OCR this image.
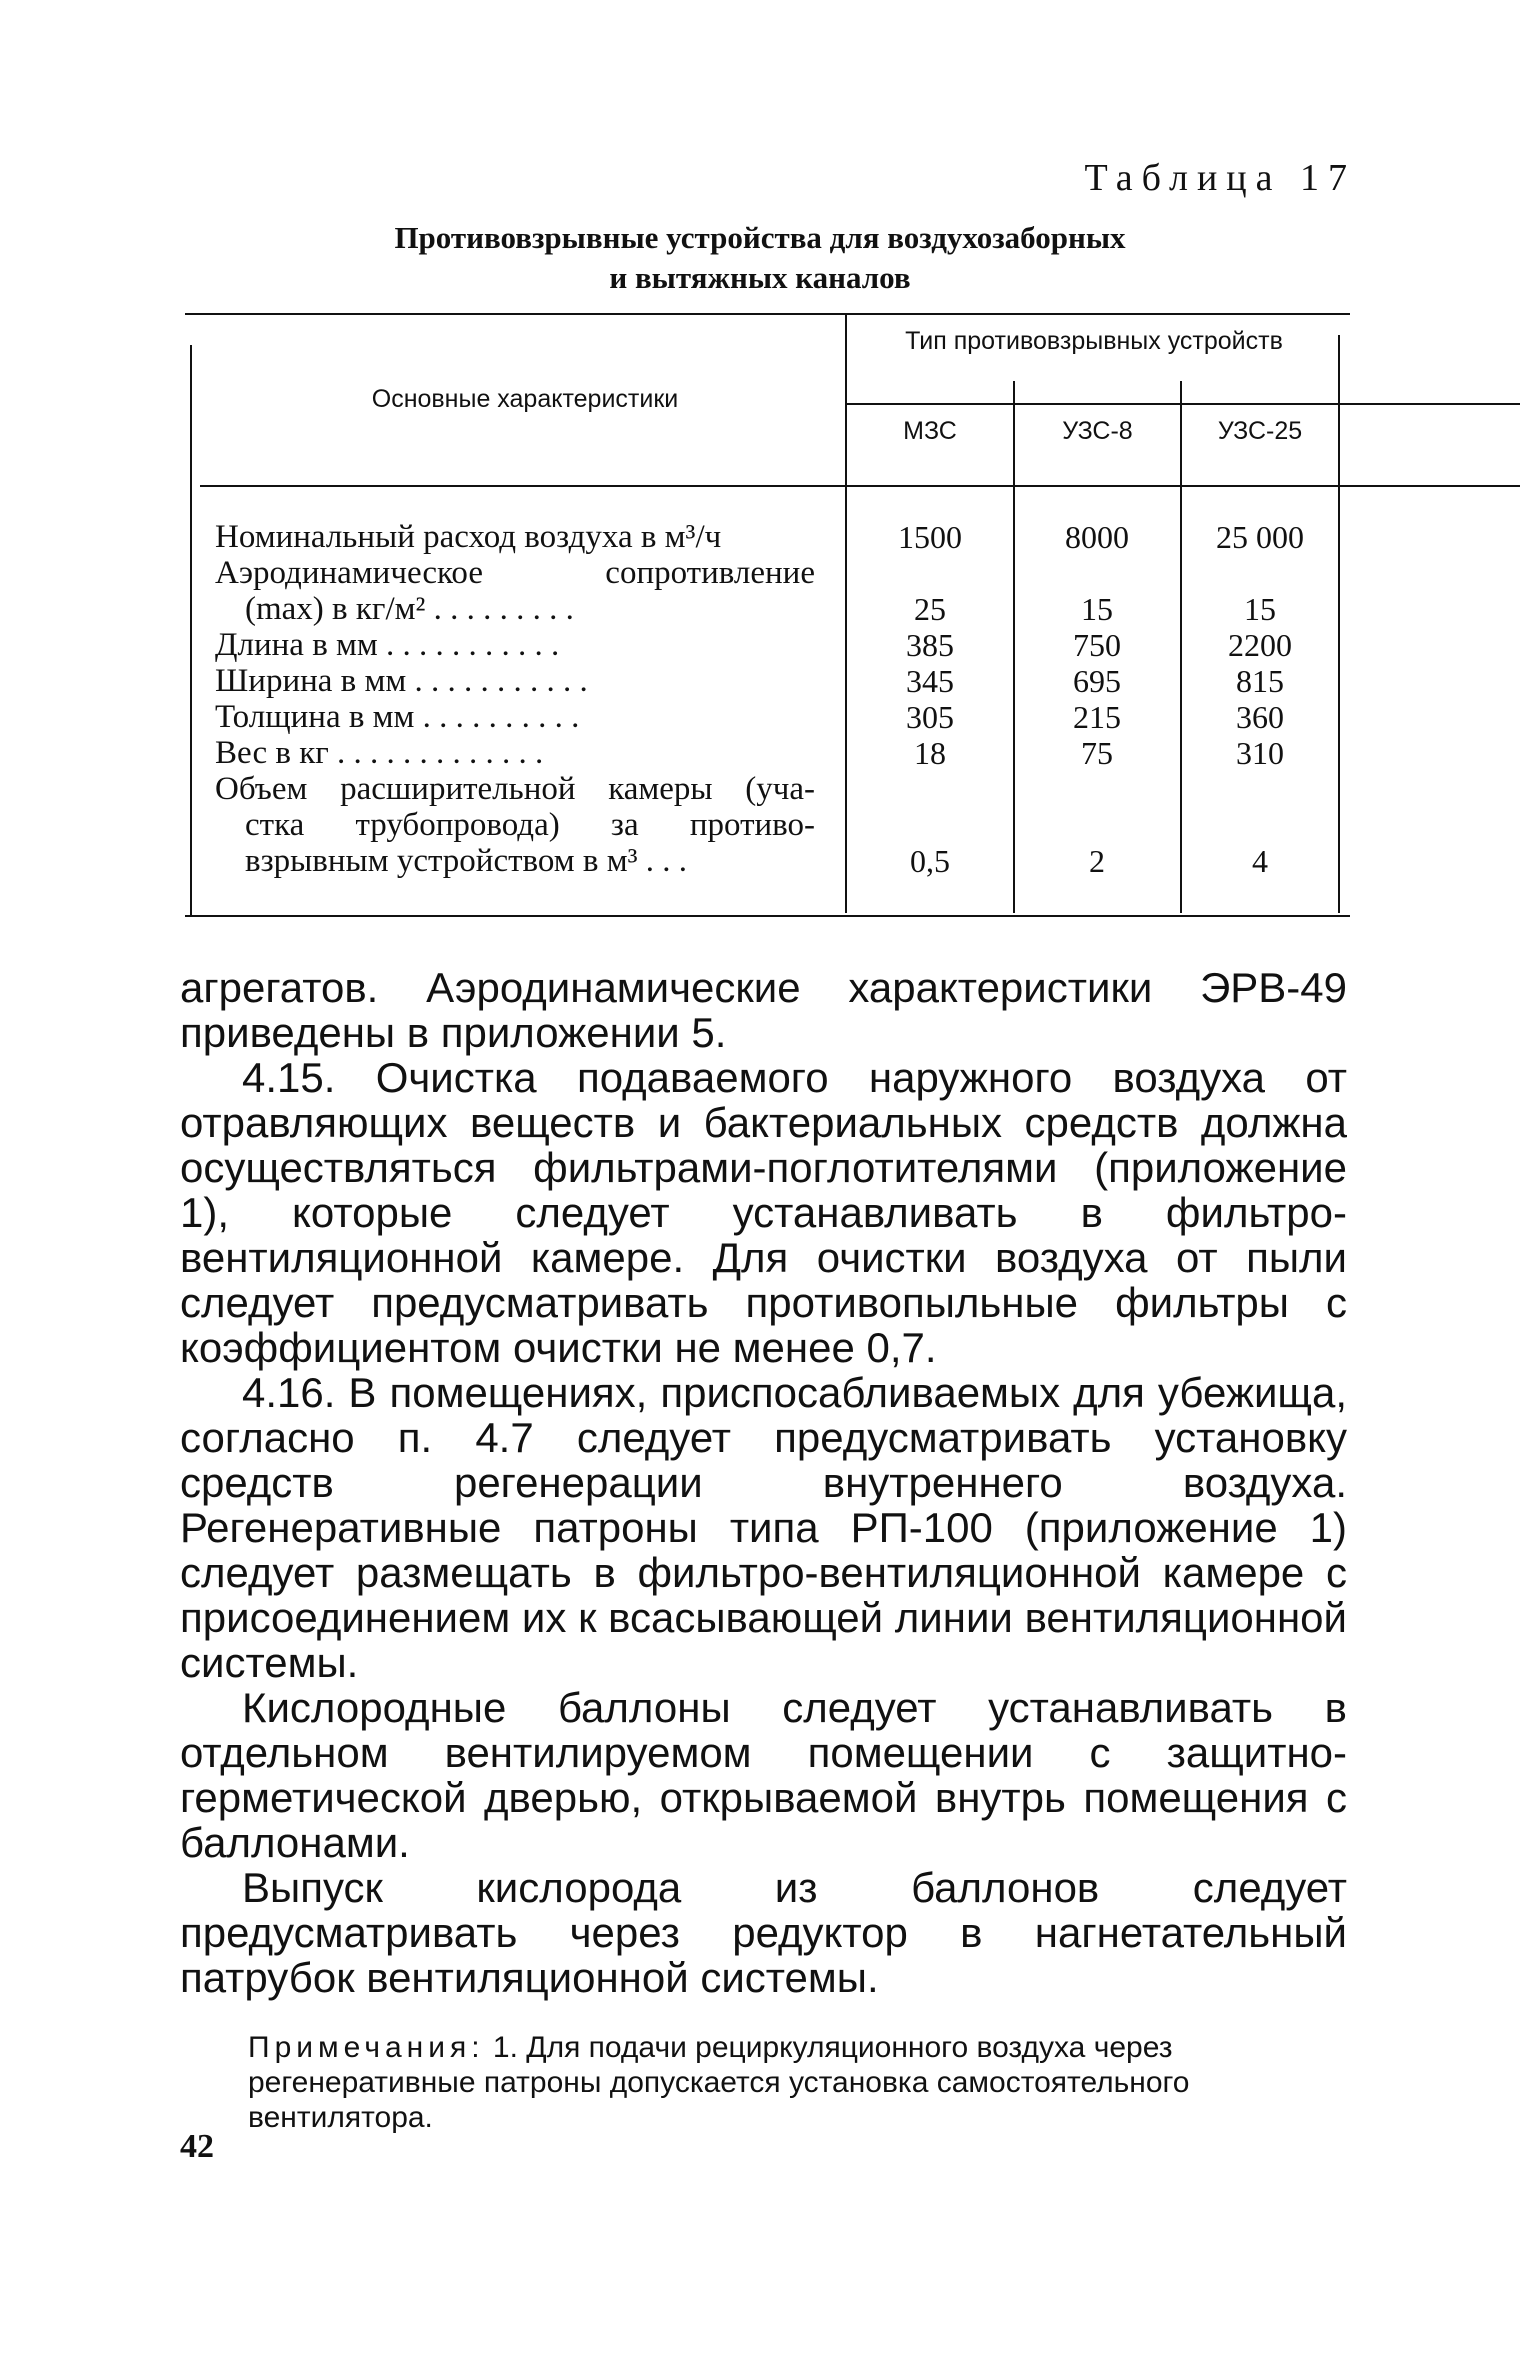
Таблица 17
Противовзрывные устройства для воздухозаборных
и вытяжных каналов
Основные характеристики
Тип противовзрывных устройств
МЗС	УЗС-8	УЗС-25
Номинальный расход воздуха в м³/ч
Аэродинамическое сопротивление
(max) в кг/м² . . . . . . . . .
Длина в мм . . . . . . . . . . .
Ширина в мм . . . . . . . . . . .
Толщина в мм . . . . . . . . . .
Вес в кг . . . . . . . . . . . . .
Объем расширительной камеры (уча-
стка трубопровода) за противо-
взрывным устройством в м³ . . .
1500
25
385
345
305
18
0,5
8000
15
750
695
215
75
2
25 000
15
2200
815
360
310
4

агрегатов. Аэродинамические характеристики ЭРВ-49 приведены в приложении 5.

4.15. Очистка подаваемого наружного воздуха от отравляющих веществ и бактериальных средств должна осуществляться фильтрами-поглотителями (приложение 1), которые следует устанавливать в фильтро-вентиляционной камере. Для очистки воздуха от пыли следует предусматривать противопыльные фильтры с коэффициентом очистки не менее 0,7.

4.16. В помещениях, приспосабливаемых для убежища, согласно п. 4.7 следует предусматривать установку средств регенерации внутреннего воздуха. Регенеративные патроны типа РП-100 (приложение 1) следует размещать в фильтро-вентиляционной камере с присоединением их к всасывающей линии вентиляционной системы.

Кислородные баллоны следует устанавливать в отдельном вентилируемом помещении с защитно-герметической дверью, открываемой внутрь помещения с баллонами.

Выпуск кислорода из баллонов следует предусматривать через редуктор в нагнетательный патрубок вентиляционной системы.

Примечания: 1. Для подачи рециркуляционного воздуха через регенеративные патроны допускается установка самостоятельного вентилятора.
42
